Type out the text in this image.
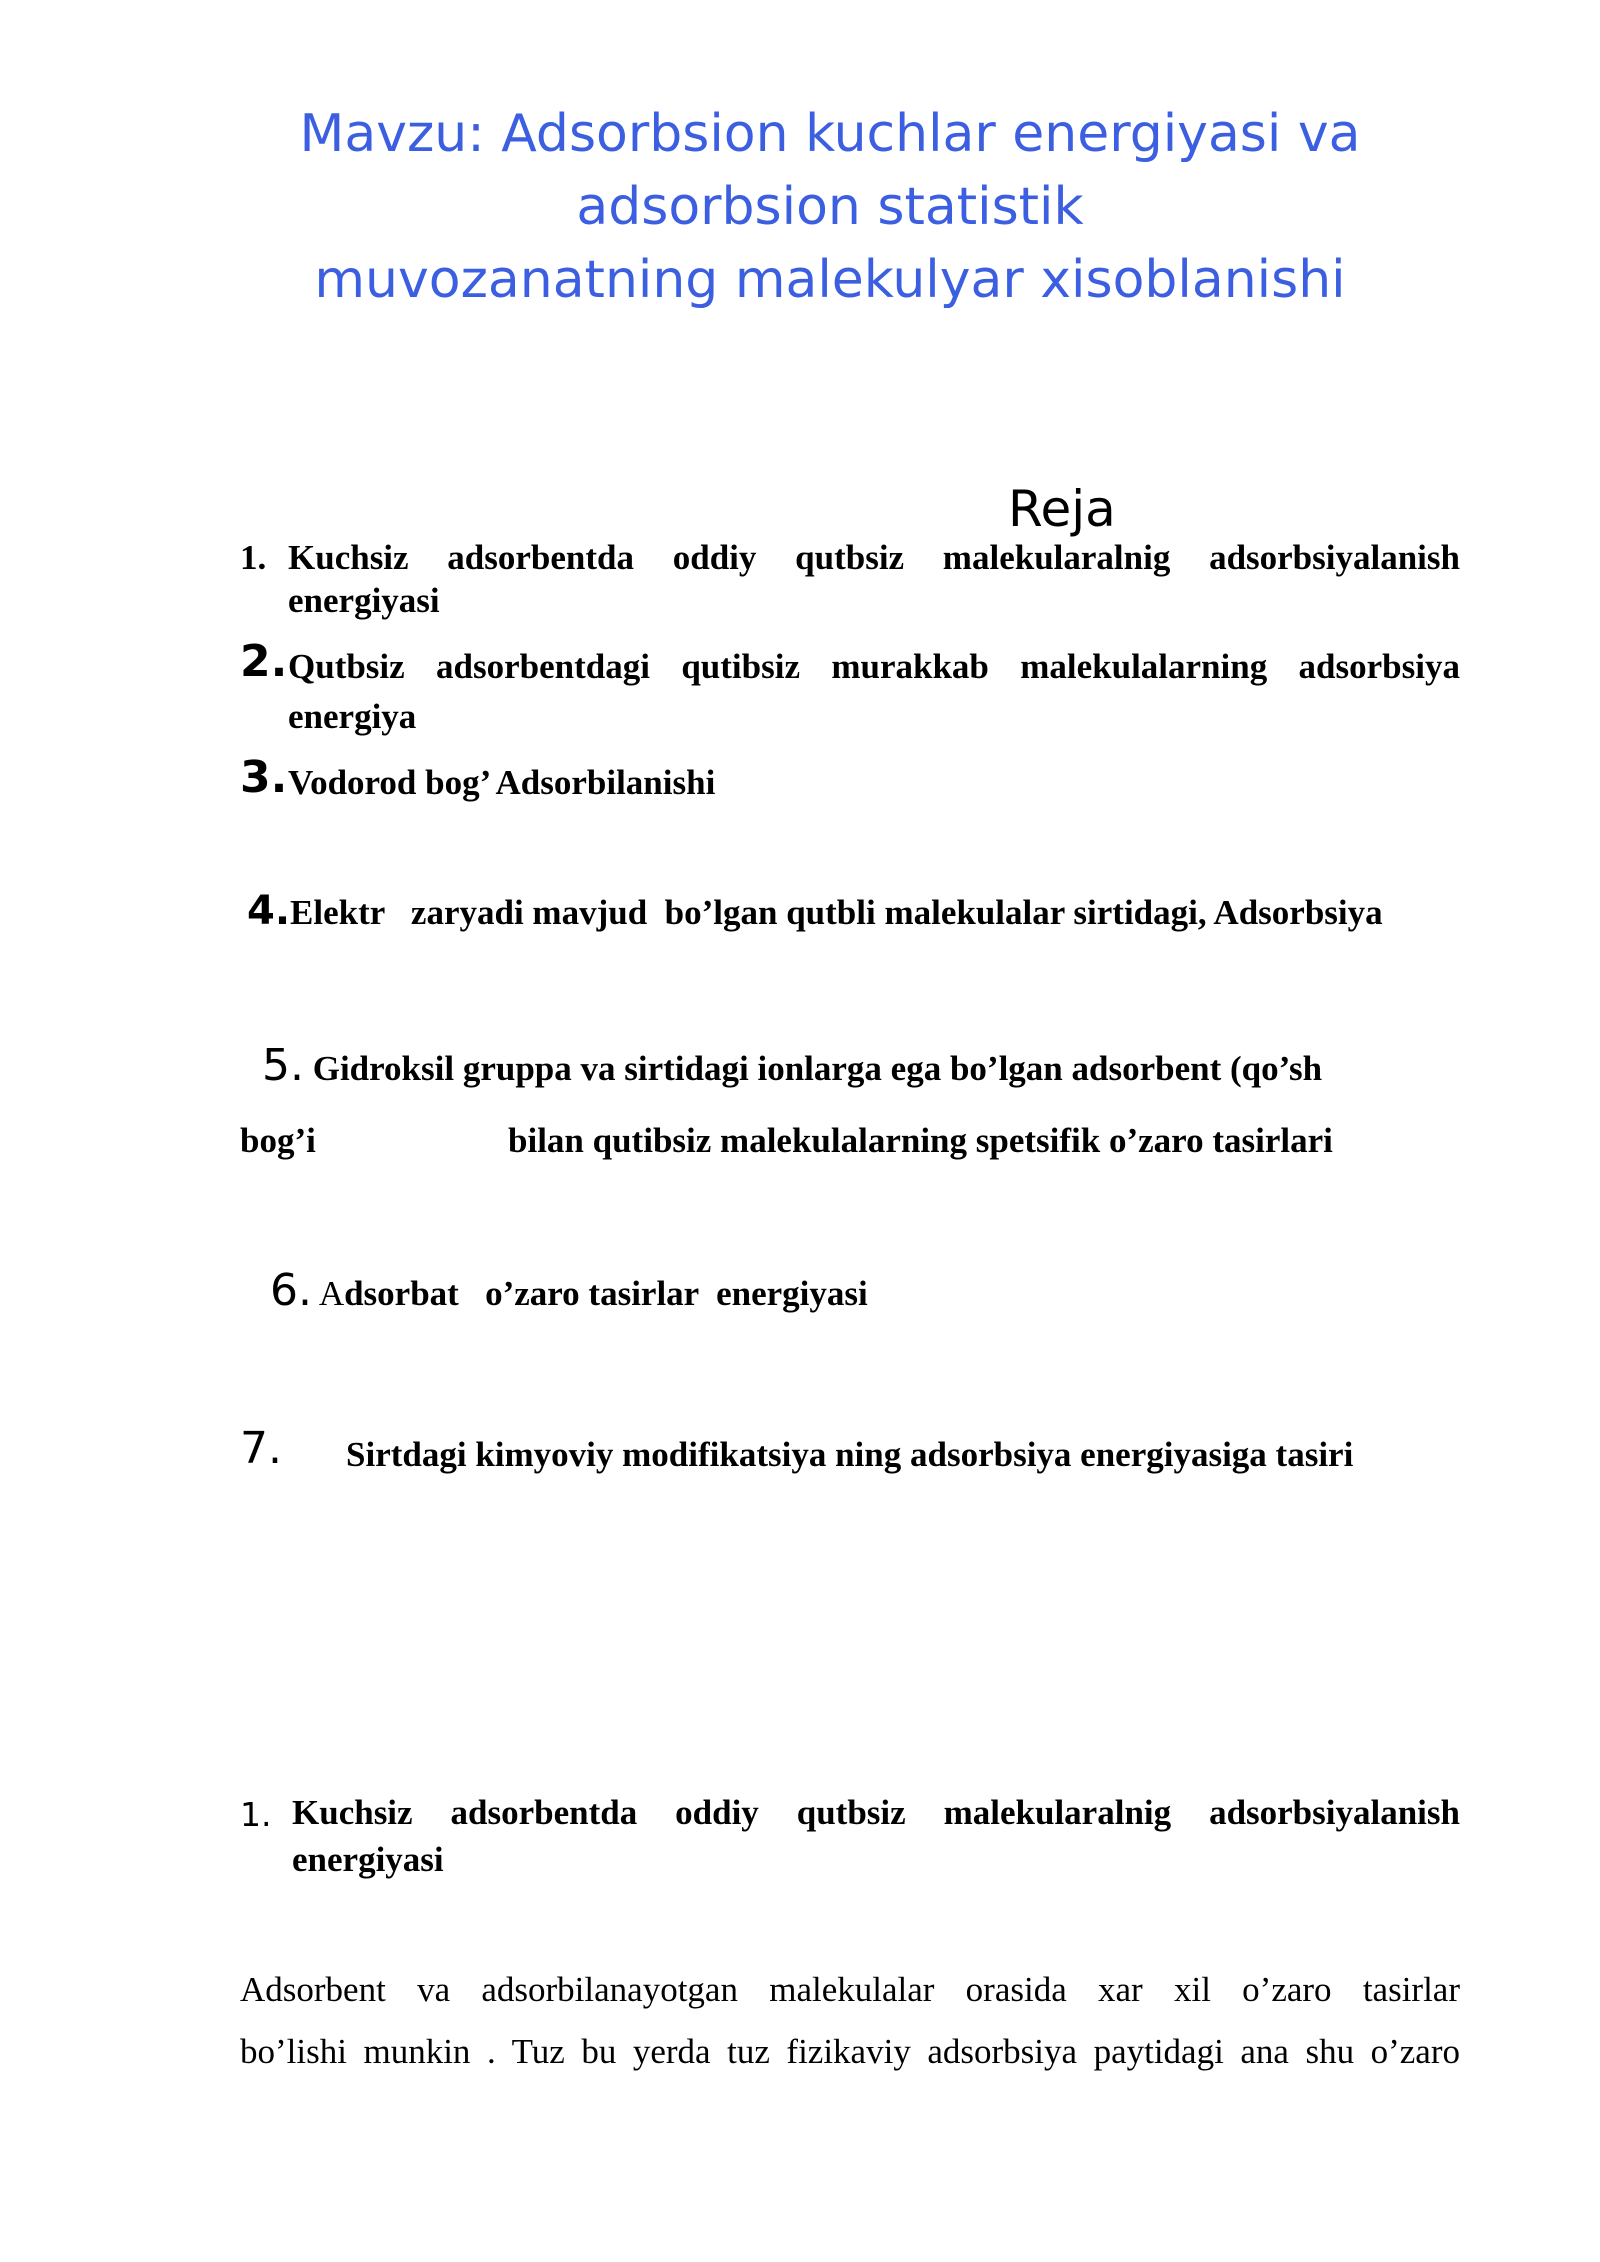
Mavzu: Adsorbsion kuchlar energiyasi va

adsorbsion statistik

muvozanatning malekulyar xisoblanishi

Reja

1. Kuchsiz adsorbentda oddiy qutbsiz malekularalnig adsorbsiyalanish
energiyasi
2. Qutbsiz adsorbentdagi qutibsiz murakkab malekulalarning adsorbsiya
energiya
3. Vodorod bog’ Adsorbilanishi
4.Elektr   zaryadi mavjud  bo’lgan qutbli malekulalar sirtidagi, Adsorbsiya
5. Gidroksil gruppa va sirtidagi ionlarga ega bo’lgan adsorbent (qo’sh
bog’i	bilan qutibsiz malekulalarning spetsifik o’zaro tasirlari
6. Adsorbat   o’zaro tasirlar  energiyasi
7. Sirtdagi kimyoviy modifikatsiya ning adsorbsiya energiyasiga tasiri
1. Kuchsiz adsorbentda oddiy qutbsiz malekularalnig adsorbsiyalanish
energiyasi
Adsorbent va adsorbilanayotgan malekulalar orasida xar xil o’zaro tasirlar
bo’lishi munkin . Tuz bu yerda tuz fizikaviy adsorbsiya paytidagi ana shu o’zaro
